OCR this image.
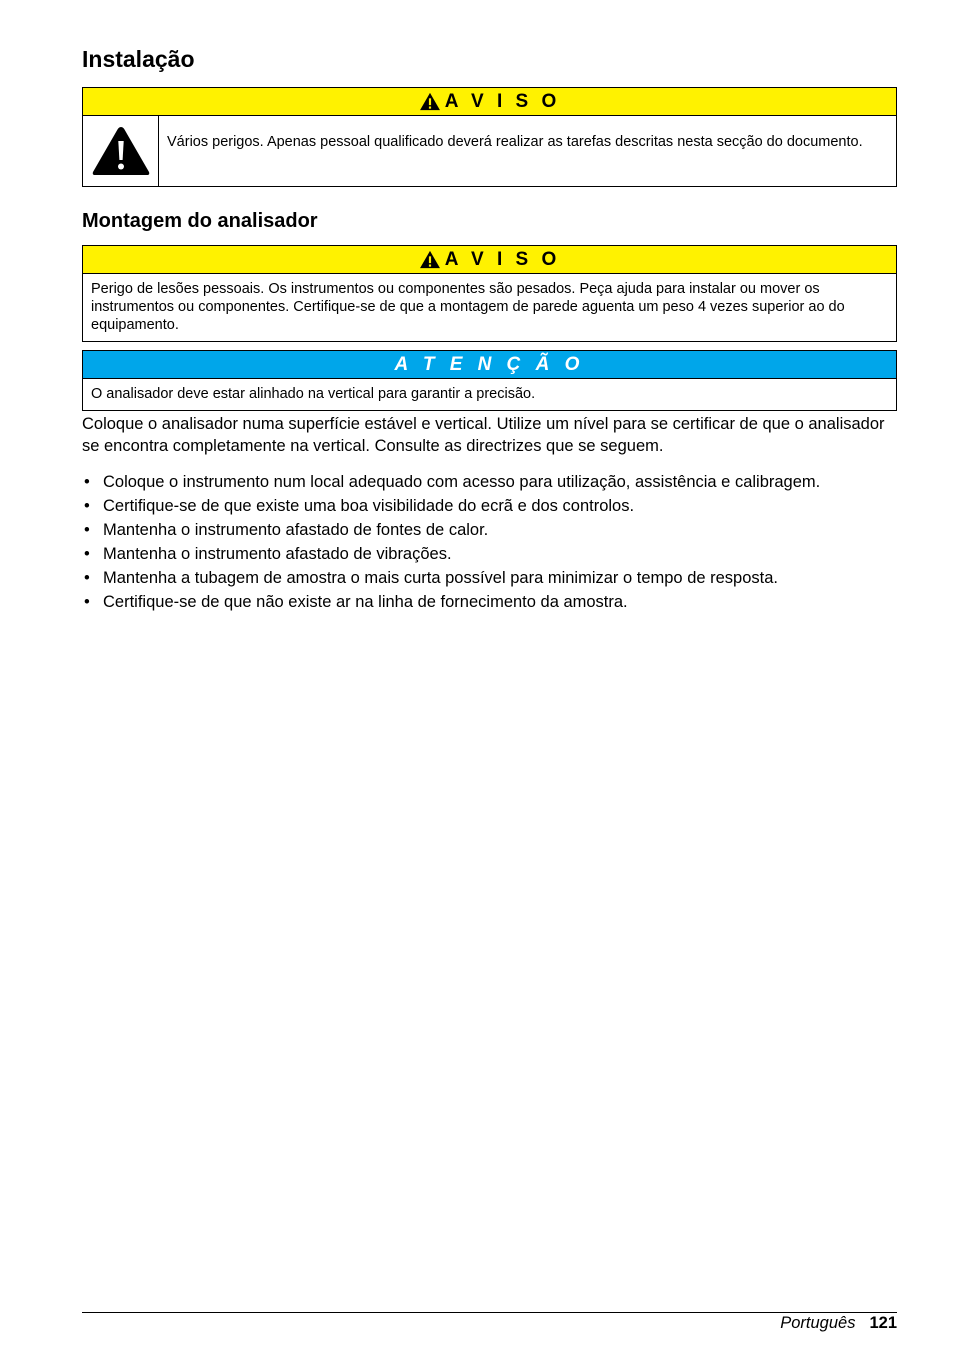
Instalação
A V I S O
Vários perigos. Apenas pessoal qualificado deverá realizar as tarefas descritas nesta secção do documento.
Montagem do analisador
A V I S O
Perigo de lesões pessoais. Os instrumentos ou componentes são pesados. Peça ajuda para instalar ou mover os instrumentos ou componentes. Certifique-se de que a montagem de parede aguenta um peso 4 vezes superior ao do equipamento.
A T E N Ç Ã O
O analisador deve estar alinhado na vertical para garantir a precisão.

Coloque o analisador numa superfície estável e vertical. Utilize um nível para se certificar de que o analisador se encontra completamente na vertical. Consulte as directrizes que se seguem.

• Coloque o instrumento num local adequado com acesso para utilização, assistência e calibragem.
• Certifique-se de que existe uma boa visibilidade do ecrã e dos controlos.
• Mantenha o instrumento afastado de fontes de calor.
• Mantenha o instrumento afastado de vibrações.
• Mantenha a tubagem de amostra o mais curta possível para minimizar o tempo de resposta.
• Certifique-se de que não existe ar na linha de fornecimento da amostra.
Português 121
